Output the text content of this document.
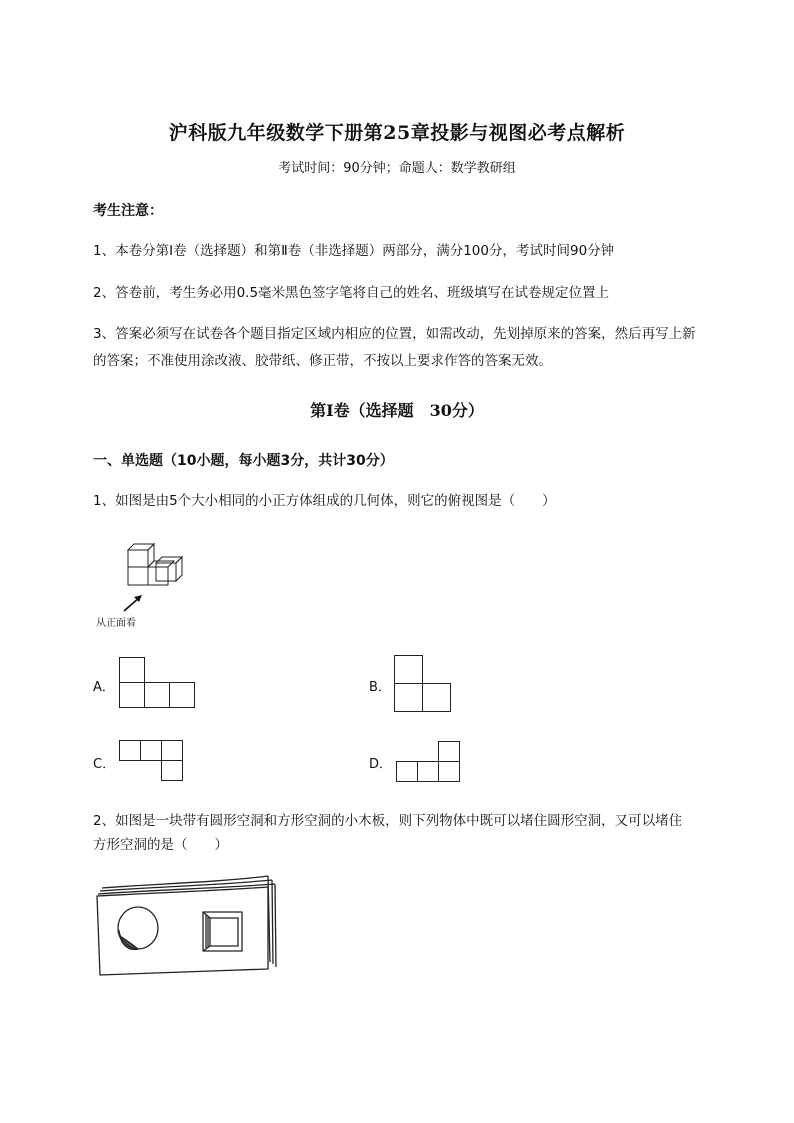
沪科版九年级数学下册第25章投影与视图必考点解析
考试时间：90分钟；命题人：数学教研组
考生注意：
1、本卷分第I卷（选择题）和第Ⅱ卷（非选择题）两部分，满分100分，考试时间90分钟
2、答卷前，考生务必用0.5毫米黑色签字笔将自己的姓名、班级填写在试卷规定位置上
3、答案必须写在试卷各个题目指定区域内相应的位置，如需改动，先划掉原来的答案，然后再写上新
的答案；不准使用涂改液、胶带纸、修正带，不按以上要求作答的答案无效。
第I卷（选择题　30分）
一、单选题（10小题，每小题3分，共计30分）
1、如图是由5个大小相同的小正方体组成的几何体，则它的俯视图是（　　）
从正面看
A．	B．
C．	D．
2、如图是一块带有圆形空洞和方形空洞的小木板，则下列物体中既可以堵住圆形空洞，又可以堵住
方形空洞的是（　　）
